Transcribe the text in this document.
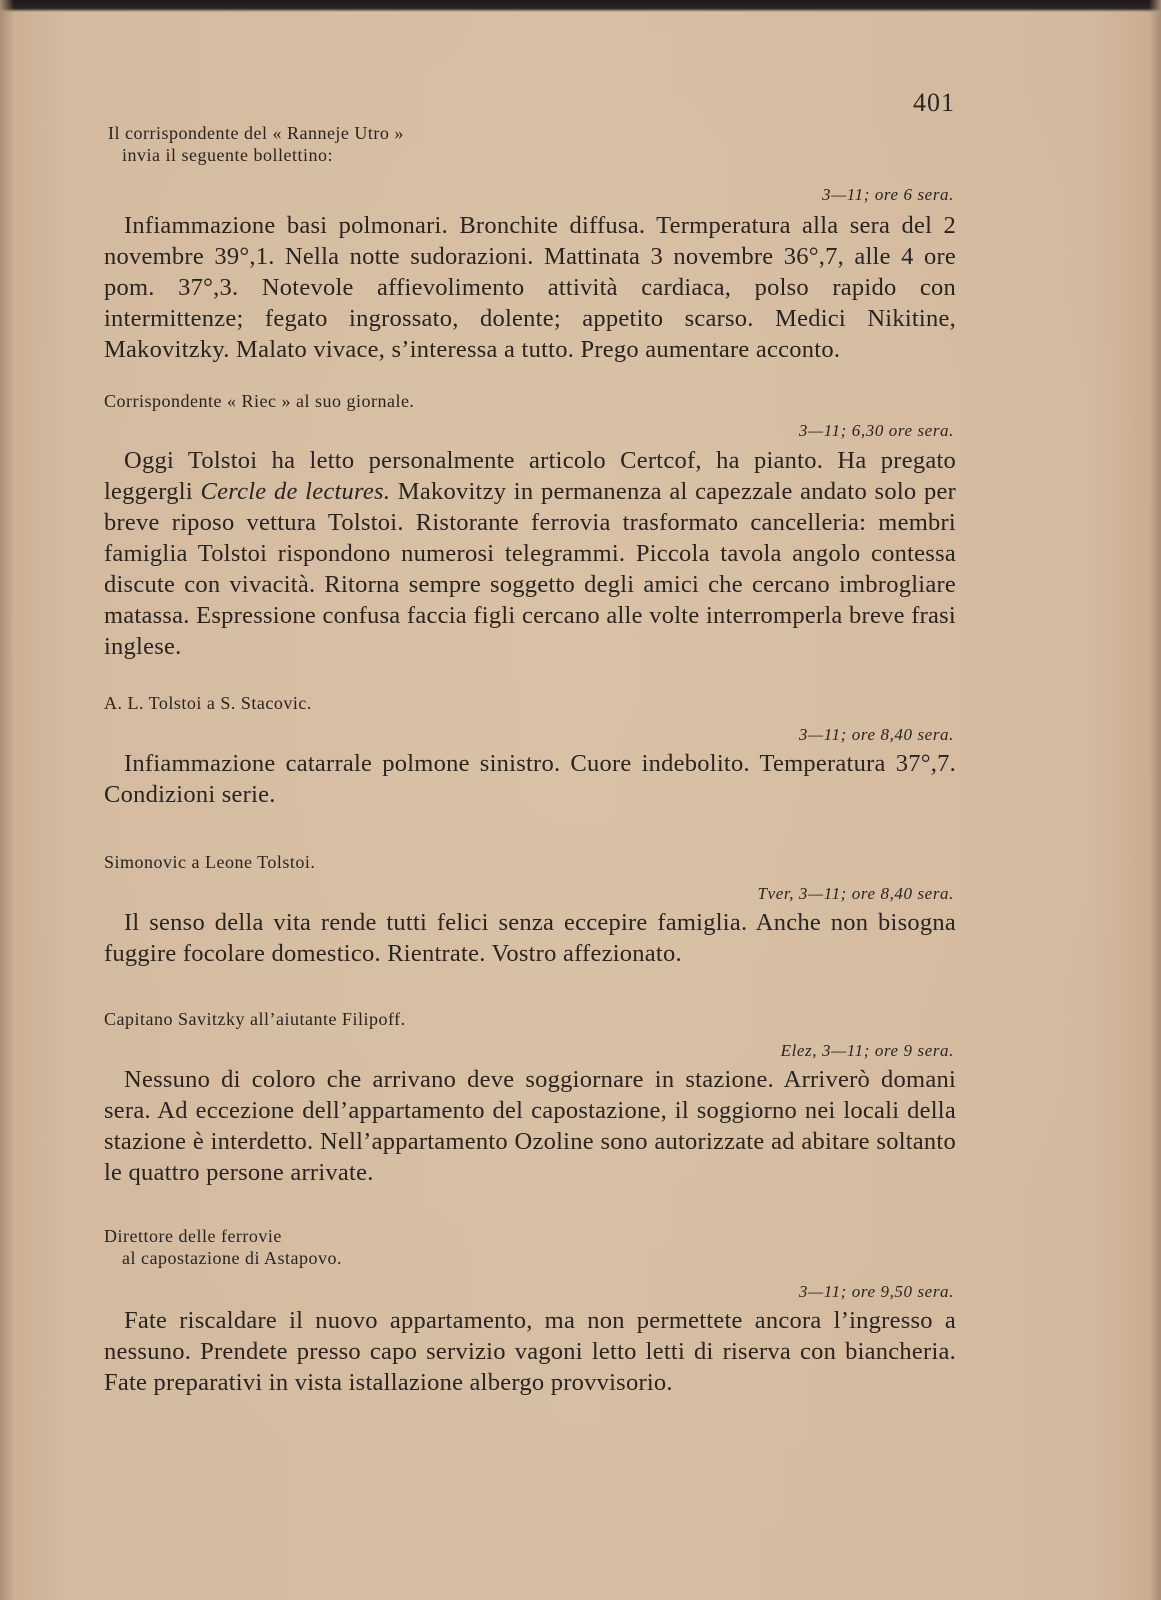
401
Il corrispondente del « Ranneje Utro »
invia il seguente bollettino:
3—11; ore 6 sera.

Infiammazione basi polmonari. Bronchite diffusa. Termperatura alla sera del 2 novembre 39°,1. Nella notte sudorazioni. Mattinata 3 novembre 36°,7, alle 4 ore pom. 37°,3. Notevole affievolimento attività cardiaca, polso rapido con intermittenze; fegato ingrossato, dolente; appetito scarso. Medici Nikitine, Makovitzky. Malato vivace, s’interessa a tutto. Prego aumentare acconto.

Corrispondente « Riec » al suo giornale.
3—11; 6,30 ore sera.

Oggi Tolstoi ha letto personalmente articolo Certcof, ha pianto. Ha pregato leggergli Cercle de lectures. Makovitzy in permanenza al capezzale andato solo per breve riposo vettura Tolstoi. Ristorante ferrovia trasformato cancelleria: membri famiglia Tolstoi rispondono numerosi telegrammi. Piccola tavola angolo contessa discute con vivacità. Ritorna sempre soggetto degli amici che cercano imbrogliare matassa. Espressione confusa faccia figli cercano alle volte interromperla breve frasi inglese.

A. L. Tolstoi a S. Stacovic.
3—11; ore 8,40 sera.

Infiammazione catarrale polmone sinistro. Cuore indebolito. Temperatura 37°,7. Condizioni serie.

Simonovic a Leone Tolstoi.
Tver, 3—11; ore 8,40 sera.

Il senso della vita rende tutti felici senza eccepire famiglia. Anche non bisogna fuggire focolare domestico. Rientrate. Vostro affezionato.

Capitano Savitzky all’aiutante Filipoff.
Elez, 3—11; ore 9 sera.

Nessuno di coloro che arrivano deve soggiornare in stazione. Arriverò domani sera. Ad eccezione dell’appartamento del capostazione, il soggiorno nei locali della stazione è interdetto. Nell’appartamento Ozoline sono autorizzate ad abitare soltanto le quattro persone arrivate.

Direttore delle ferrovie
al capostazione di Astapovo.
3—11; ore 9,50 sera.

Fate riscaldare il nuovo appartamento, ma non permettete ancora l’ingresso a nessuno. Prendete presso capo servizio vagoni letto letti di riserva con biancheria. Fate preparativi in vista istallazione albergo provvisorio.
